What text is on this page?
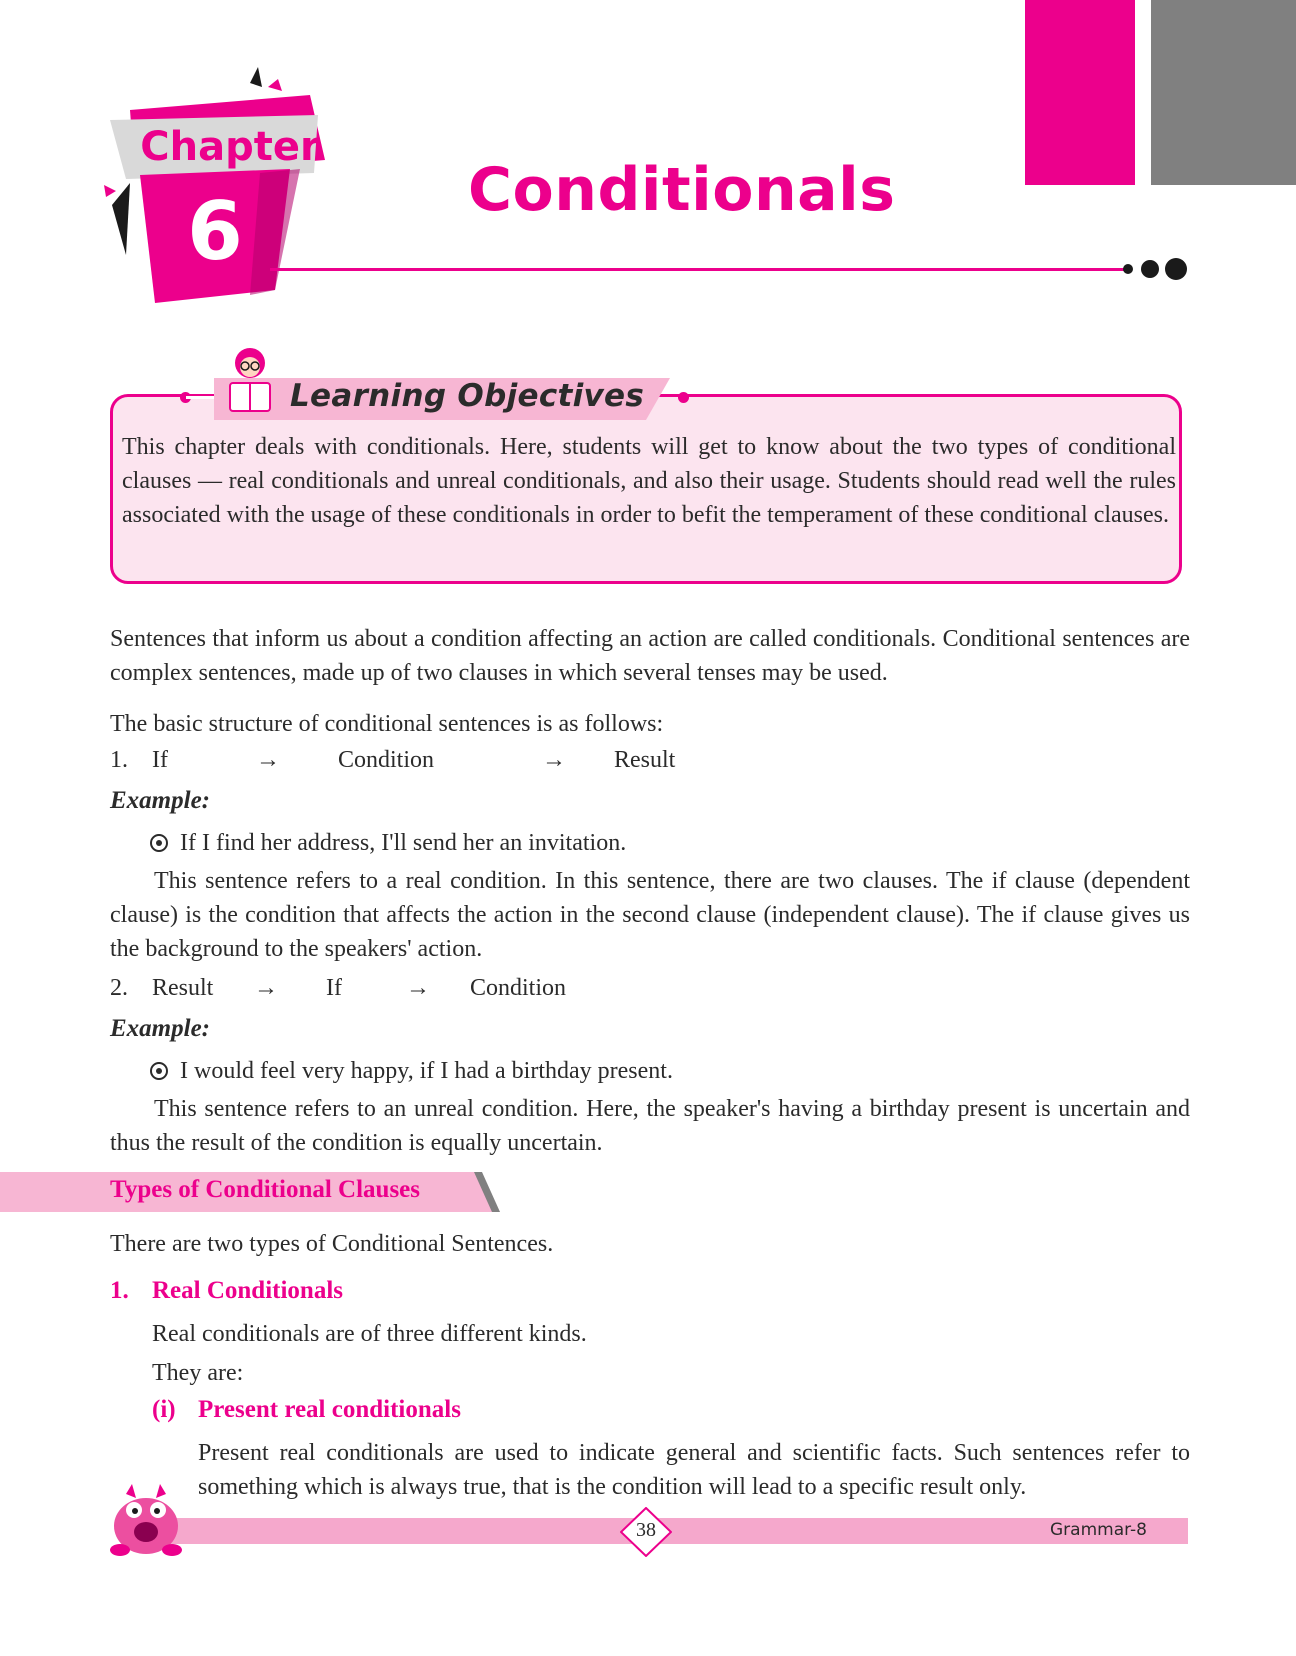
Chapter
6	Conditionals
Learning Objectives
This chapter deals with conditionals. Here, students will get to know about the two types of conditional clauses — real conditionals and unreal conditionals, and also their usage. Students should read well the rules associated with the usage of these conditionals in order to befit the temperament of these conditional clauses.
Sentences that inform us about a condition affecting an action are called conditionals. Conditional sentences are complex sentences, made up of two clauses in which several tenses may be used.
The basic structure of conditional sentences is as follows:
1. If	→ Condition	→ Result
Example:
If I find her address, I'll send her an invitation.
This sentence refers to a real condition. In this sentence, there are two clauses. The if clause (dependent clause) is the condition that affects the action in the second clause (independent clause). The if clause gives us the background to the speakers' action.
2. Result → If	→ Condition
Example:
I would feel very happy, if I had a birthday present.
This sentence refers to an unreal condition. Here, the speaker's having a birthday present is uncertain and thus the result of the condition is equally uncertain.
Types of Conditional Clauses
There are two types of Conditional Sentences.
1. Real Conditionals
Real conditionals are of three different kinds.
They are:
(i) Present real conditionals
Present real conditionals are used to indicate general and scientific facts. Such sentences refer to something which is always true, that is the condition will lead to a specific result only.
38	Grammar-8
